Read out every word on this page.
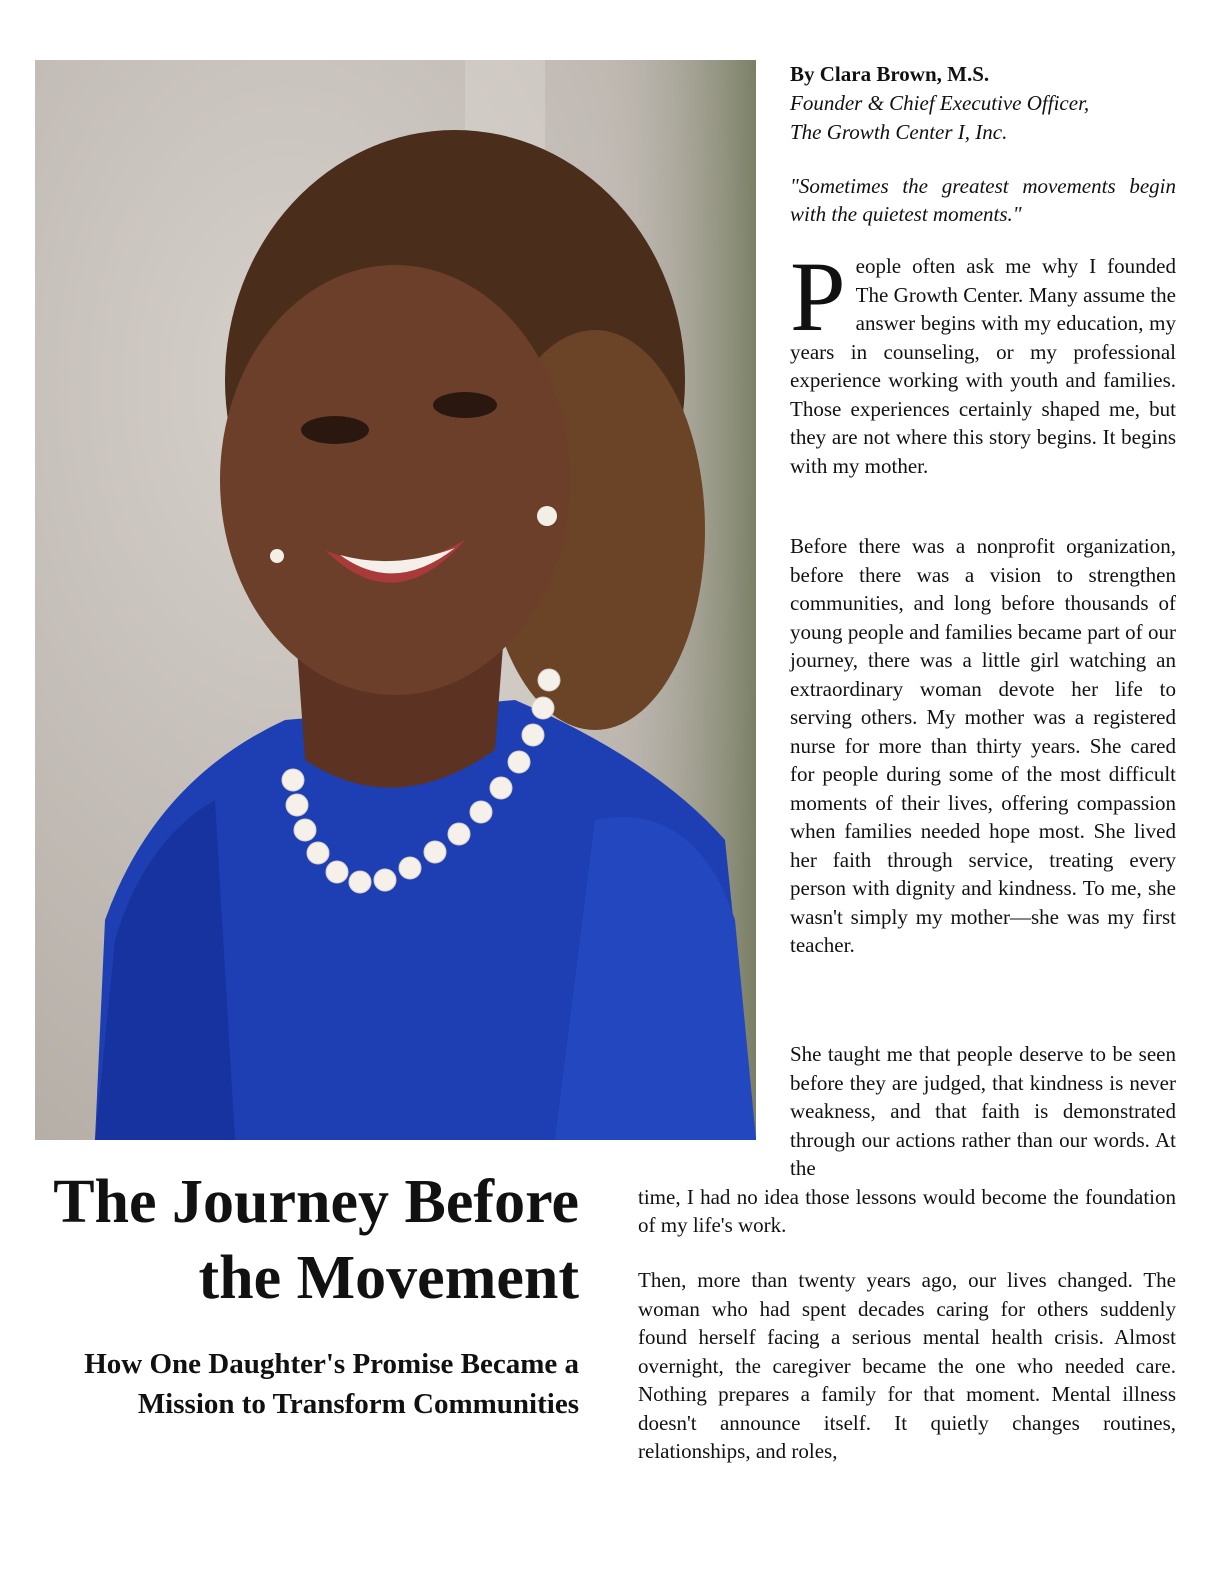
By Clara Brown, M.S.
Founder & Chief Executive Officer,
The Growth Center I, Inc.
"Sometimes the greatest movements begin with the quietest moments."

People often ask me why I founded The Growth Center. Many assume the answer begins with my education, my years in counseling, or my professional experience working with youth and families. Those experiences certainly shaped me, but they are not where this story begins. It begins with my mother.

Before there was a nonprofit organization, before there was a vision to strengthen communities, and long before thousands of young people and families became part of our journey, there was a little girl watching an extraordinary woman devote her life to serving others. My mother was a registered nurse for more than thirty years. She cared for people during some of the most difficult moments of their lives, offering compassion when families needed hope most. She lived her faith through service, treating every person with dignity and kindness. To me, she wasn't simply my mother—she was my first teacher.

She taught me that people deserve to be seen before they are judged, that kindness is never weakness, and that faith is demonstrated through our actions rather than our words. At the
time, I had no idea those lessons would become the foundation of my life's work.

Then, more than twenty years ago, our lives changed. The woman who had spent decades caring for others suddenly found herself facing a serious mental health crisis. Almost overnight, the caregiver became the one who needed care. Nothing prepares a family for that moment. Mental illness doesn't announce itself. It quietly changes routines, relationships, and roles,

The Journey Before the Movement
How One Daughter's Promise Became a Mission to Transform Communities
